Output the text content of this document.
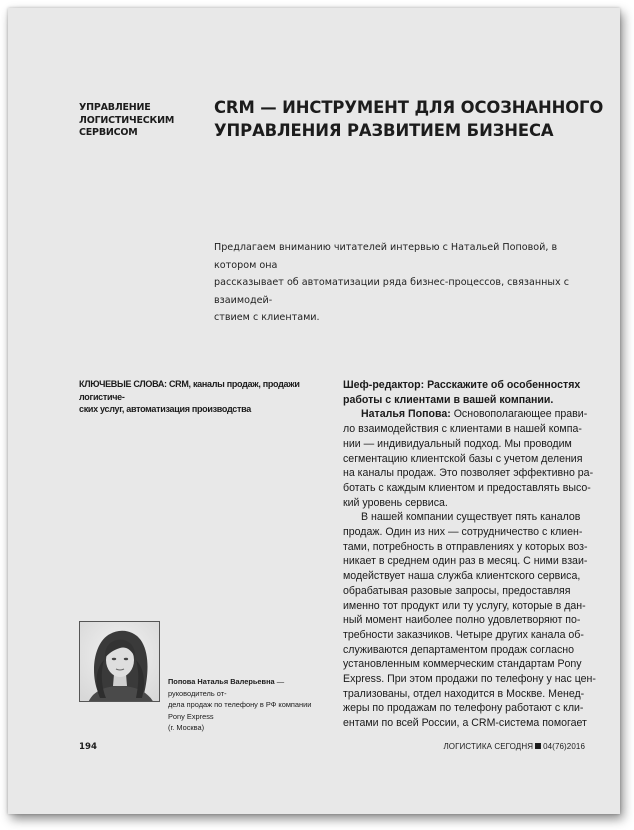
УПРАВЛЕНИЕ
ЛОГИСТИЧЕСКИМ
СЕРВИСОМ
CRM — ИНСТРУМЕНТ ДЛЯ ОСОЗНАННОГО
УПРАВЛЕНИЯ РАЗВИТИЕМ БИЗНЕСА
Предлагаем вниманию читателей интервью с Натальей Поповой, в котором она
рассказывает об автоматизации ряда бизнес-процессов, связанных с взаимодей-
ствием с клиентами.
КЛЮЧЕВЫЕ СЛОВА: CRM, каналы продаж, продажи логистиче-
ских услуг, автоматизация производства
Попова Наталья Валерьевна — руководитель от-
дела продаж по телефону в РФ компании Pony Express
(г. Москва)

Шеф-редактор: Расскажите об особенностях
работы с клиентами в вашей компании.

Наталья Попова: Основополагающее прави-
ло взаимодействия с клиентами в нашей компа-
нии — индивидуальный подход. Мы проводим
сегментацию клиентской базы с учетом деления
на каналы продаж. Это позволяет эффективно ра-
ботать с каждым клиентом и предоставлять высо-
кий уровень сервиса.

В нашей компании существует пять каналов
продаж. Один из них — сотрудничество с клиен-
тами, потребность в отправлениях у которых воз-
никает в среднем один раз в месяц. С ними взаи-
модействует наша служба клиентского сервиса,
обрабатывая разовые запросы, предоставляя
именно тот продукт или ту услугу, которые в дан-
ный момент наиболее полно удовлетворяют по-
требности заказчиков. Четыре других канала об-
служиваются департаментом продаж согласно
установленным коммерческим стандартам Pony
Express. При этом продажи по телефону у нас цен-
трализованы, отдел находится в Москве. Менед-
жеры по продажам по телефону работают с кли-
ентами по всей России, а CRM-система помогает

194	ЛОГИСТИКА СЕГОДНЯ 04(76)2016
